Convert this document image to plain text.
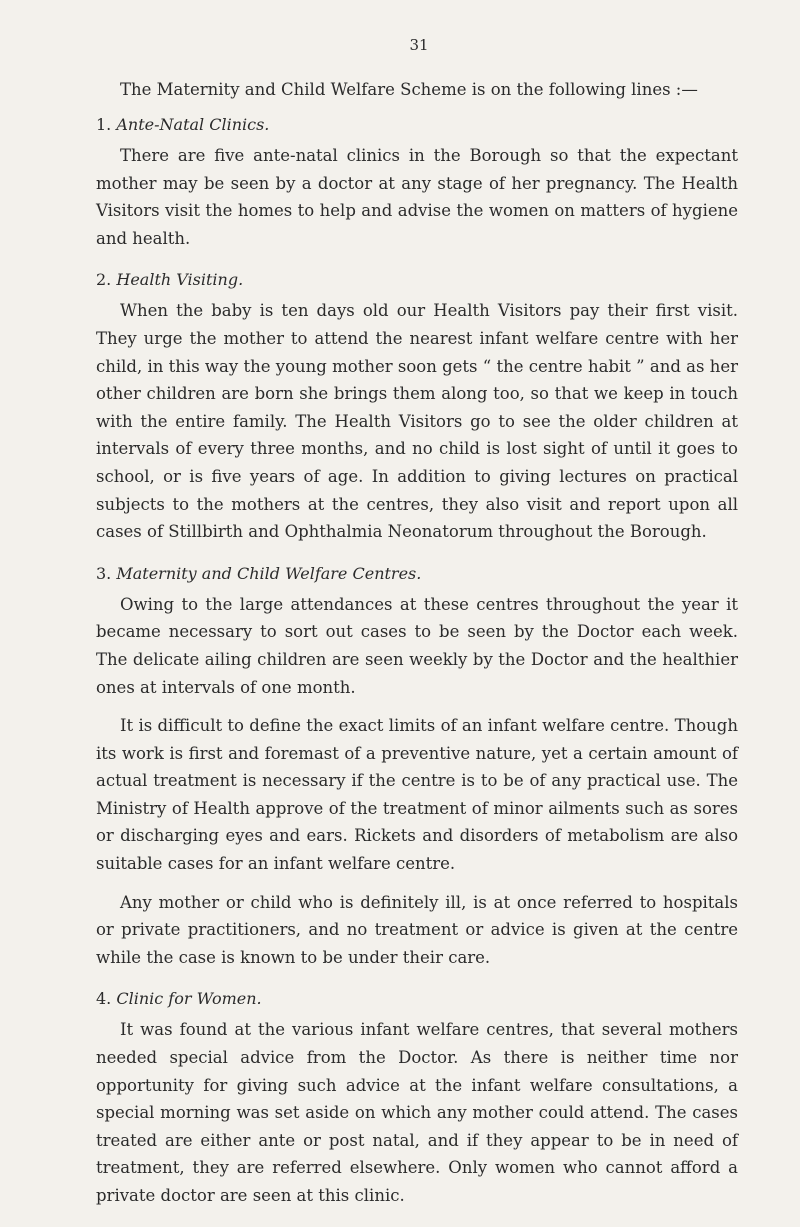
31

The Maternity and Child Welfare Scheme is on the following lines :—

1. Ante-Natal Clinics.

There are five ante-natal clinics in the Borough so that the expectant mother may be seen by a doctor at any stage of her pregnancy. The Health Visitors visit the homes to help and advise the women on matters of hygiene and health.

2. Health Visiting.

When the baby is ten days old our Health Visitors pay their first visit. They urge the mother to attend the nearest infant welfare centre with her child, in this way the young mother soon gets “ the centre habit ” and as her other children are born she brings them along too, so that we keep in touch with the entire family. The Health Visitors go to see the older children at intervals of every three months, and no child is lost sight of until it goes to school, or is five years of age. In addition to giving lectures on practical subjects to the mothers at the centres, they also visit and report upon all cases of Stillbirth and Ophthalmia Neonatorum throughout the Borough.

3. Maternity and Child Welfare Centres.

Owing to the large attendances at these centres throughout the year it became necessary to sort out cases to be seen by the Doctor each week. The delicate ailing children are seen weekly by the Doctor and the healthier ones at intervals of one month.

It is difficult to define the exact limits of an infant welfare centre. Though its work is first and foremast of a preventive nature, yet a certain amount of actual treatment is necessary if the centre is to be of any practical use. The Ministry of Health approve of the treatment of minor ailments such as sores or discharging eyes and ears. Rickets and disorders of metabolism are also suitable cases for an infant welfare centre.

Any mother or child who is definitely ill, is at once referred to hospitals or private practitioners, and no treatment or advice is given at the centre while the case is known to be under their care.

4. Clinic for Women.

It was found at the various infant welfare centres, that several mothers needed special advice from the Doctor. As there is neither time nor opportunity for giving such advice at the infant welfare consultations, a special morning was set aside on which any mother could attend. The cases treated are either ante or post natal, and if they appear to be in need of treatment, they are referred elsewhere. Only women who cannot afford a private doctor are seen at this clinic.
